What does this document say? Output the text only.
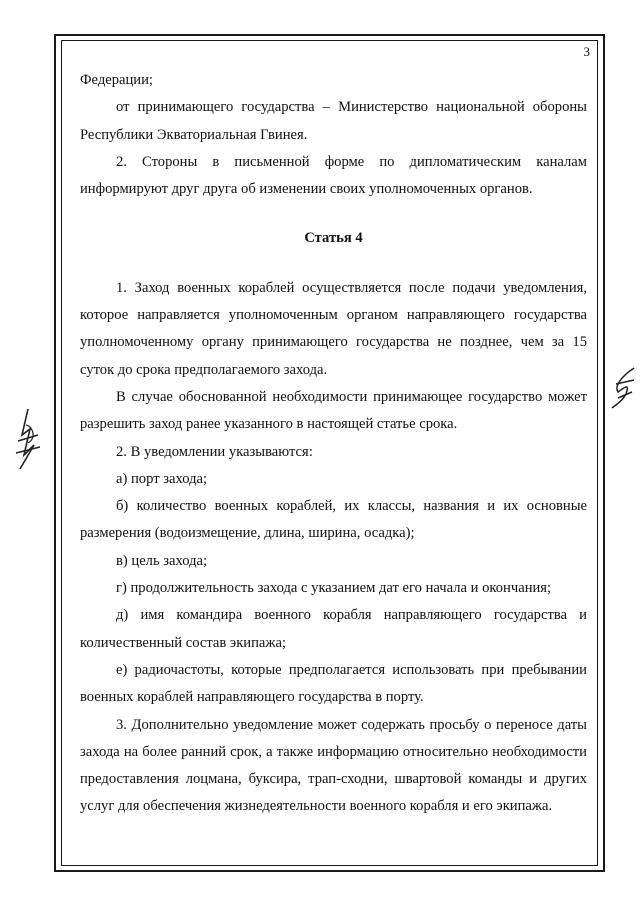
3

Федерации;

от принимающего государства – Министерство национальной обороны Республики Экваториальная Гвинея.

2. Стороны в письменной форме по дипломатическим каналам информируют друг друга об изменении своих уполномоченных органов.

Статья 4

1. Заход военных кораблей осуществляется после подачи уведомления, которое направляется уполномоченным органом направляющего государства уполномоченному органу принимающего государства не позднее, чем за 15 суток до срока предполагаемого захода.

В случае обоснованной необходимости принимающее государство может разрешить заход ранее указанного в настоящей статье срока.

2. В уведомлении указываются:

а) порт захода;

б) количество военных кораблей, их классы, названия и их основные размерения (водоизмещение, длина, ширина, осадка);

в) цель захода;

г) продолжительность захода с указанием дат его начала и окончания;

д) имя командира военного корабля направляющего государства и количественный состав экипажа;

е) радиочастоты, которые предполагается использовать при пребывании военных кораблей направляющего государства в порту.

3. Дополнительно уведомление может содержать просьбу о переносе даты захода на более ранний срок, а также информацию относительно необходимости предоставления лоцмана, буксира, трап-сходни, швартовой команды и других услуг для обеспечения жизнедеятельности военного корабля и его экипажа.
